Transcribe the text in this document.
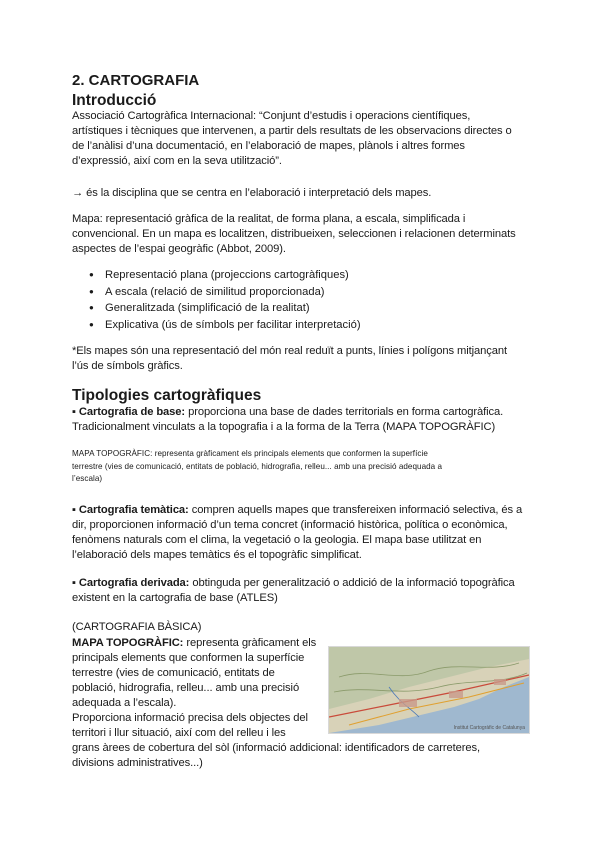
2. CARTOGRAFIA
Introducció
Associació Cartogràfica Internacional: “Conjunt d’estudis i operacions científiques,
artístiques i tècniques que intervenen, a partir dels resultats de les observacions directes o
de l’anàlisi d’una documentació, en l’elaboració de mapes, plànols i altres formes
d’expressió, així com en la seva utilització”.
→ és la disciplina que se centra en l’elaboració i interpretació dels mapes.
Mapa: representació gràfica de la realitat, de forma plana, a escala, simplificada i
convencional. En un mapa es localitzen, distribueixen, seleccionen i relacionen determinats
aspectes de l’espai geogràfic (Abbot, 2009).
● Representació plana (projeccions cartogràfiques)
● A escala (relació de similitud proporcionada)
● Generalitzada (simplificació de la realitat)
● Explicativa (ús de símbols per facilitar interpretació)
*Els mapes són una representació del món real reduït a punts, línies i polígons mitjançant
l’ús de símbols gràfics.
Tipologies cartogràfiques
▪ Cartografia de base: proporciona una base de dades territorials en forma cartogràfica.
Tradicionalment vinculats a la topografia i a la forma de la Terra (MAPA TOPOGRÀFIC)
MAPA TOPOGRÀFIC: representa gràficament els principals elements que conformen la superfície
terrestre (vies de comunicació, entitats de població, hidrografia, relleu... amb una precisió adequada a
l’escala)
▪ Cartografia temàtica: compren aquells mapes que transfereixen informació selectiva, és a
dir, proporcionen informació d’un tema concret (informació històrica, política o econòmica,
fenòmens naturals com el clima, la vegetació o la geologia. El mapa base utilitzat en
l’elaboració dels mapes temàtics és el topogràfic simplificat.
▪ Cartografia derivada: obtinguda per generalització o addició de la informació topogràfica
existent en la cartografia de base (ATLES)
(CARTOGRAFIA BÀSICA)
MAPA TOPOGRÀFIC: representa gràficament els
principals elements que conformen la superfície
terrestre (vies de comunicació, entitats de
població, hidrografia, relleu... amb una precisió
adequada a l’escala).
Proporciona informació precisa dels objectes del
territori i llur situació, així com del relleu i les
grans àrees de cobertura del sòl (informació addicional: identificadors de carreteres,
divisions administratives...)
Institut Cartogràfic de Catalunya
